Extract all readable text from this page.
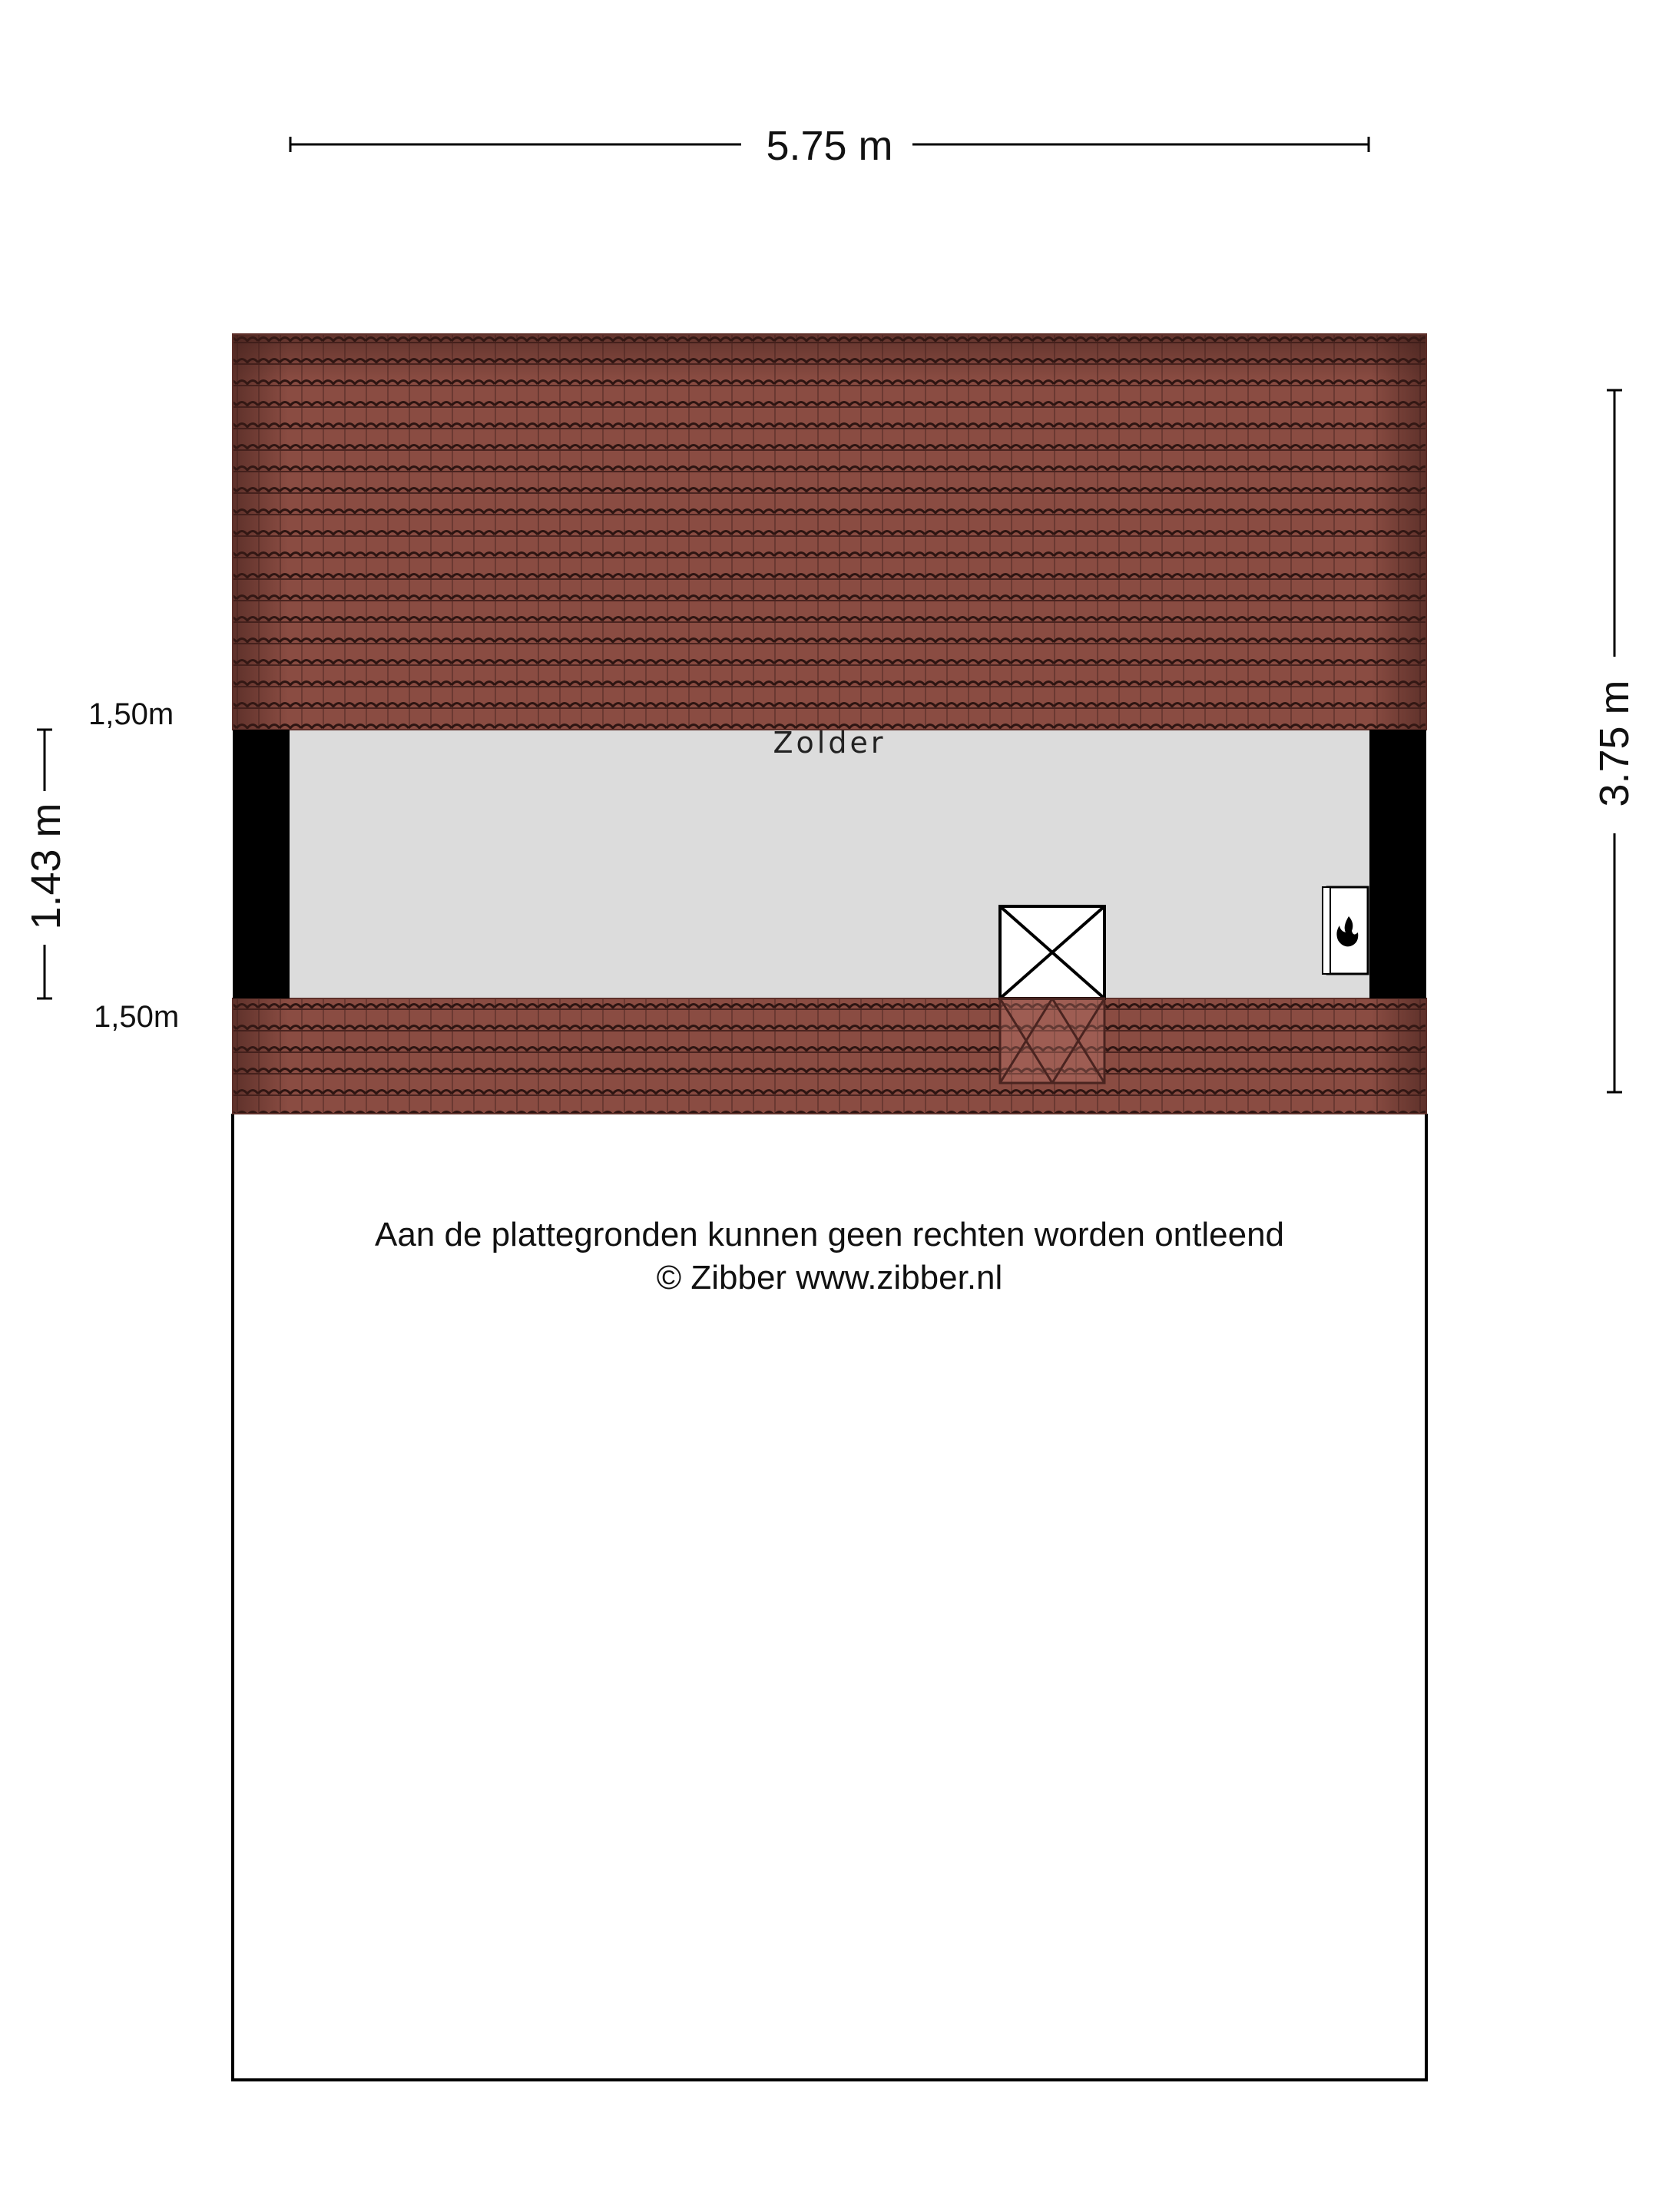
5.75 m
3.75 m
1.43 m
1,50m
1,50m
Zolder
Aan de plattegronden kunnen geen rechten worden ontleend
© Zibber www.zibber.nl
